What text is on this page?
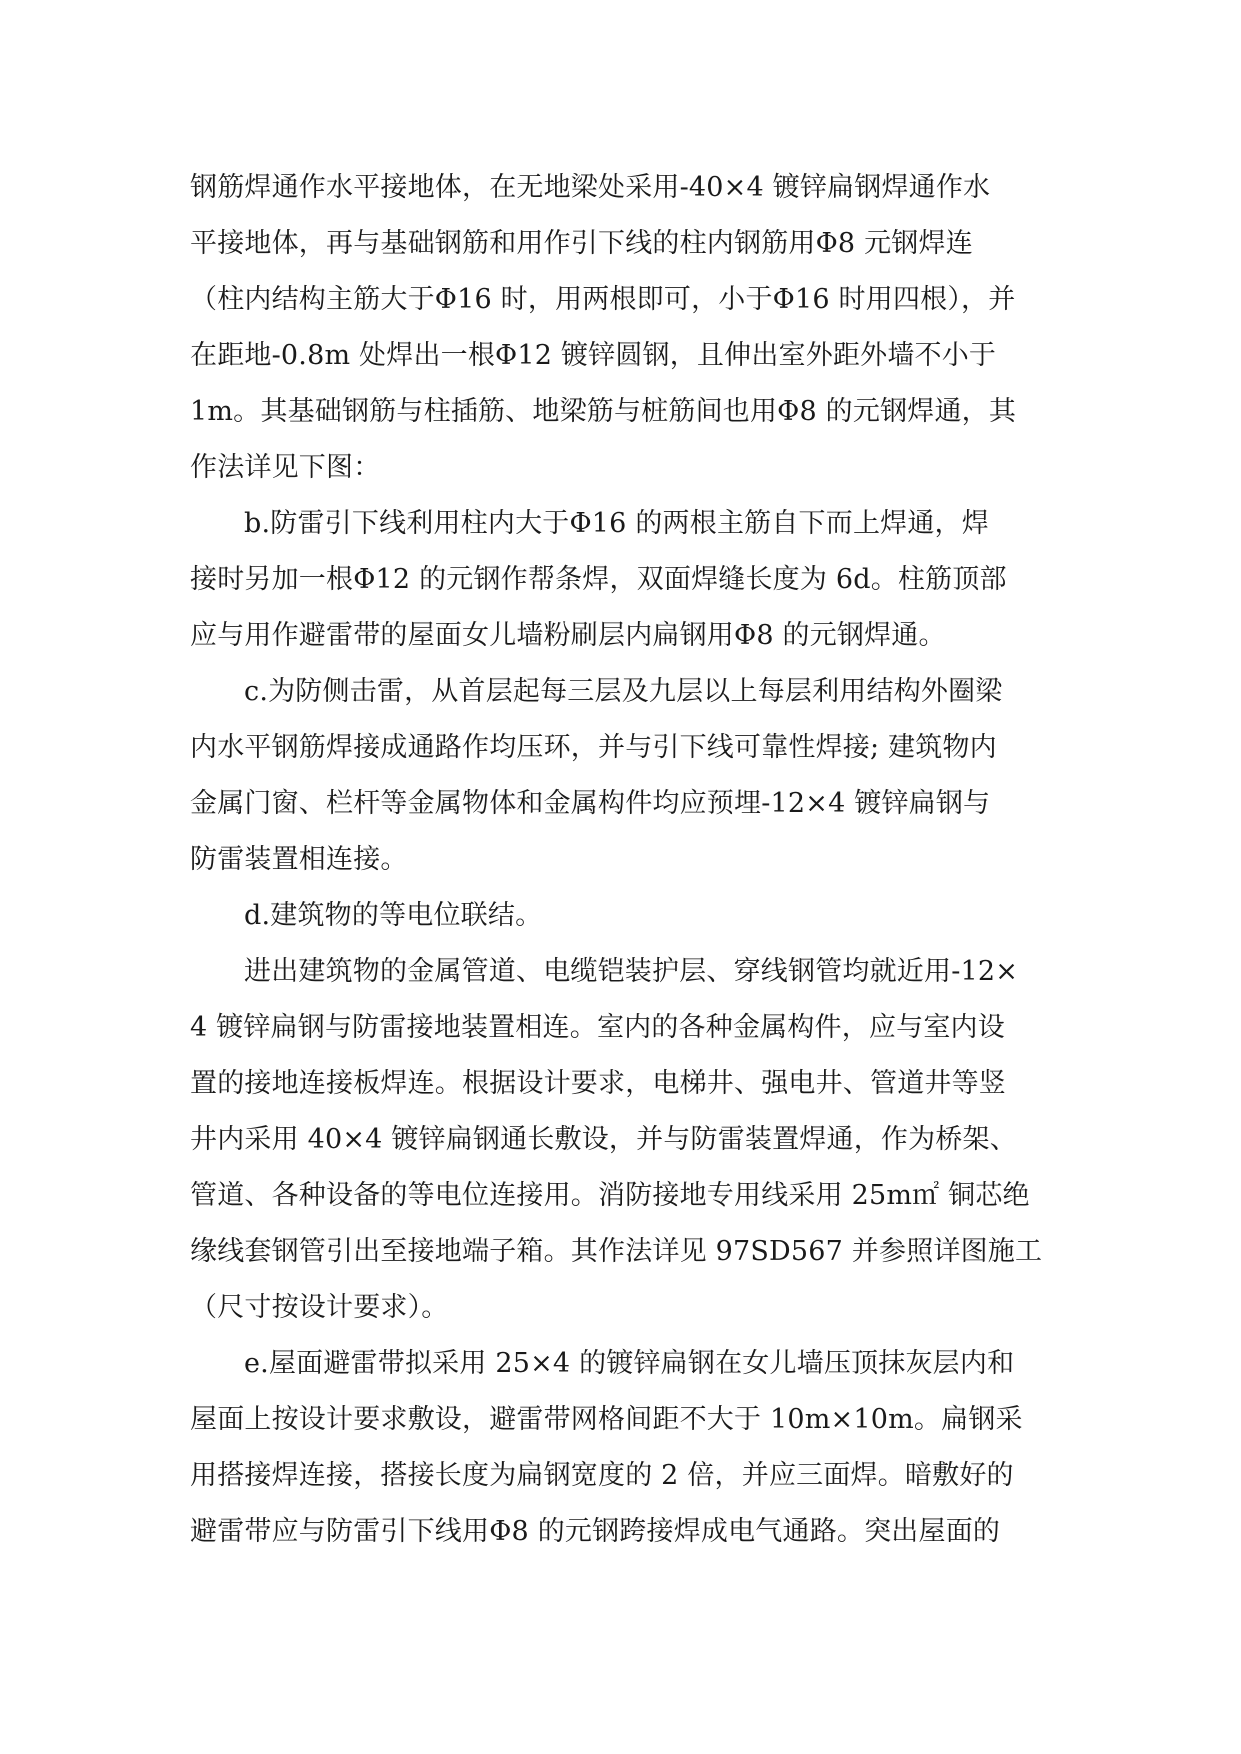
钢筋焊通作水平接地体，在无地梁处采用-40×4 镀锌扁钢焊通作水
平接地体，再与基础钢筋和用作引下线的柱内钢筋用Φ8 元钢焊连
（柱内结构主筋大于Φ16 时，用两根即可，小于Φ16 时用四根），并
在距地-0.8m 处焊出一根Φ12 镀锌圆钢，且伸出室外距外墙不小于
1m。其基础钢筋与柱插筋、地梁筋与桩筋间也用Φ8 的元钢焊通，其
作法详见下图：
b.防雷引下线利用柱内大于Φ16 的两根主筋自下而上焊通，焊
接时另加一根Φ12 的元钢作帮条焊，双面焊缝长度为 6d。柱筋顶部
应与用作避雷带的屋面女儿墙粉刷层内扁钢用Φ8 的元钢焊通。
c.为防侧击雷，从首层起每三层及九层以上每层利用结构外圈梁
内水平钢筋焊接成通路作均压环，并与引下线可靠性焊接; 建筑物内
金属门窗、栏杆等金属物体和金属构件均应预埋-12×4 镀锌扁钢与
防雷装置相连接。
d.建筑物的等电位联结。
进出建筑物的金属管道、电缆铠装护层、穿线钢管均就近用-12×
4 镀锌扁钢与防雷接地装置相连。室内的各种金属构件，应与室内设
置的接地连接板焊连。根据设计要求，电梯井、强电井、管道井等竖
井内采用 40×4 镀锌扁钢通长敷设，并与防雷装置焊通，作为桥架、
管道、各种设备的等电位连接用。消防接地专用线采用 25m㎡ 铜芯绝
缘线套钢管引出至接地端子箱。其作法详见 97SD567 并参照详图施工
（尺寸按设计要求）。
e.屋面避雷带拟采用 25×4 的镀锌扁钢在女儿墙压顶抹灰层内和
屋面上按设计要求敷设，避雷带网格间距不大于 10m×10m。扁钢采
用搭接焊连接，搭接长度为扁钢宽度的 2 倍，并应三面焊。暗敷好的
避雷带应与防雷引下线用Φ8 的元钢跨接焊成电气通路。突出屋面的
